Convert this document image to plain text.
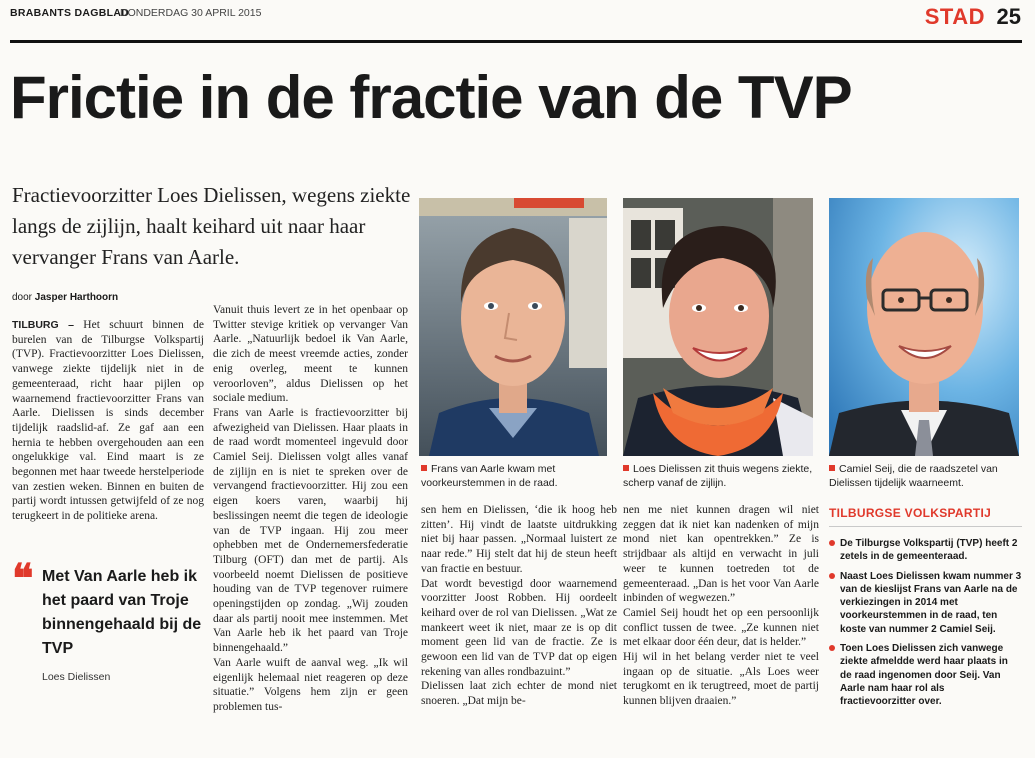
BRABANTS DAGBLAD
DONDERDAG 30 APRIL 2015	STAD 25
Frictie in de fractie van de TVP
Fractievoorzitter Loes Dielissen, wegens ziekte langs de zijlijn, haalt keihard uit naar haar vervanger Frans van Aarle.
door Jasper Harthoorn

TILBURG – Het schuurt binnen de burelen van de Tilburgse Volkspartij (TVP). Fractievoorzitter Loes Dielissen, vanwege ziekte tijdelijk niet in de gemeenteraad, richt haar pijlen op waarnemend fractievoorzitter Frans van Aarle. Dielissen is sinds december tijdelijk raadslid-af. Ze gaf aan een hernia te hebben overgehouden aan een ongelukkige val. Eind maart is ze begonnen met haar tweede herstelperiode van zestien weken. Binnen en buiten de partij wordt intussen getwijfeld of ze nog terugkeert in de politieke arena.

❝ Met Van Aarle heb ik het paard van Troje binnengehaald bij de TVP
Loes Dielissen

Vanuit thuis levert ze in het openbaar op Twitter stevige kritiek op vervanger Van Aarle. „Natuurlijk bedoel ik Van Aarle, die zich de meest vreemde acties, zonder enig overleg, meent te kunnen veroorloven”, aldus Dielissen op het sociale medium.

Frans van Aarle is fractievoorzitter bij afwezigheid van Dielissen. Haar plaats in de raad wordt momenteel ingevuld door Camiel Seij. Dielissen volgt alles vanaf de zijlijn en is niet te spreken over de vervangend fractievoorzitter. Hij zou een eigen koers varen, waarbij hij beslissingen neemt die tegen de ideologie van de TVP ingaan. Hij zou meer ophebben met de Ondernemersfederatie Tilburg (OFT) dan met de partij. Als voorbeeld noemt Dielissen de positieve houding van de TVP tegenover ruimere openingstijden op zondag. „Wij zouden daar als partij nooit mee instemmen. Met Van Aarle heb ik het paard van Troje binnengehaald.”

Van Aarle wuift de aanval weg. „Ik wil eigenlijk helemaal niet reageren op deze situatie.” Volgens hem zijn er geen problemen tus-

Frans van Aarle kwam met voorkeurstemmen in de raad.
Loes Dielissen zit thuis wegens ziekte, scherp vanaf de zijlijn.
Camiel Seij, die de raadszetel van Dielissen tijdelijk waarneemt.

sen hem en Dielissen, ‘die ik hoog heb zitten’. Hij vindt de laatste uitdrukking niet bij haar passen. „Normaal luistert ze naar rede.” Hij stelt dat hij de steun heeft van fractie en bestuur.

Dat wordt bevestigd door waarnemend voorzitter Joost Robben. Hij oordeelt keihard over de rol van Dielissen. „Wat ze mankeert weet ik niet, maar ze is op dit moment geen lid van de fractie. Ze is gewoon een lid van de TVP dat op eigen rekening van alles rondbazuint.”

Dielissen laat zich echter de mond niet snoeren. „Dat mijn be-

nen me niet kunnen dragen wil niet zeggen dat ik niet kan nadenken of mijn mond niet kan opentrekken.” Ze is strijdbaar als altijd en verwacht in juli weer te kunnen toetreden tot de gemeenteraad. „Dan is het voor Van Aarle inbinden of wegwezen.”

Camiel Seij houdt het op een persoonlijk conflict tussen de twee. „Ze kunnen niet met elkaar door één deur, dat is helder.”

Hij wil in het belang verder niet te veel ingaan op de situatie. „Als Loes weer terugkomt en ik terugtreed, moet de partij kunnen blijven draaien.”

TILBURGSE VOLKSPARTIJ
De Tilburgse Volkspartij (TVP) heeft 2 zetels in de gemeenteraad.
Naast Loes Dielissen kwam nummer 3 van de kieslijst Frans van Aarle na de verkiezingen in 2014 met voorkeurstemmen in de raad, ten koste van nummer 2 Camiel Seij.
Toen Loes Dielissen zich vanwege ziekte afmeldde werd haar plaats in de raad ingenomen door Seij. Van Aarle nam haar rol als fractievoorzitter over.
